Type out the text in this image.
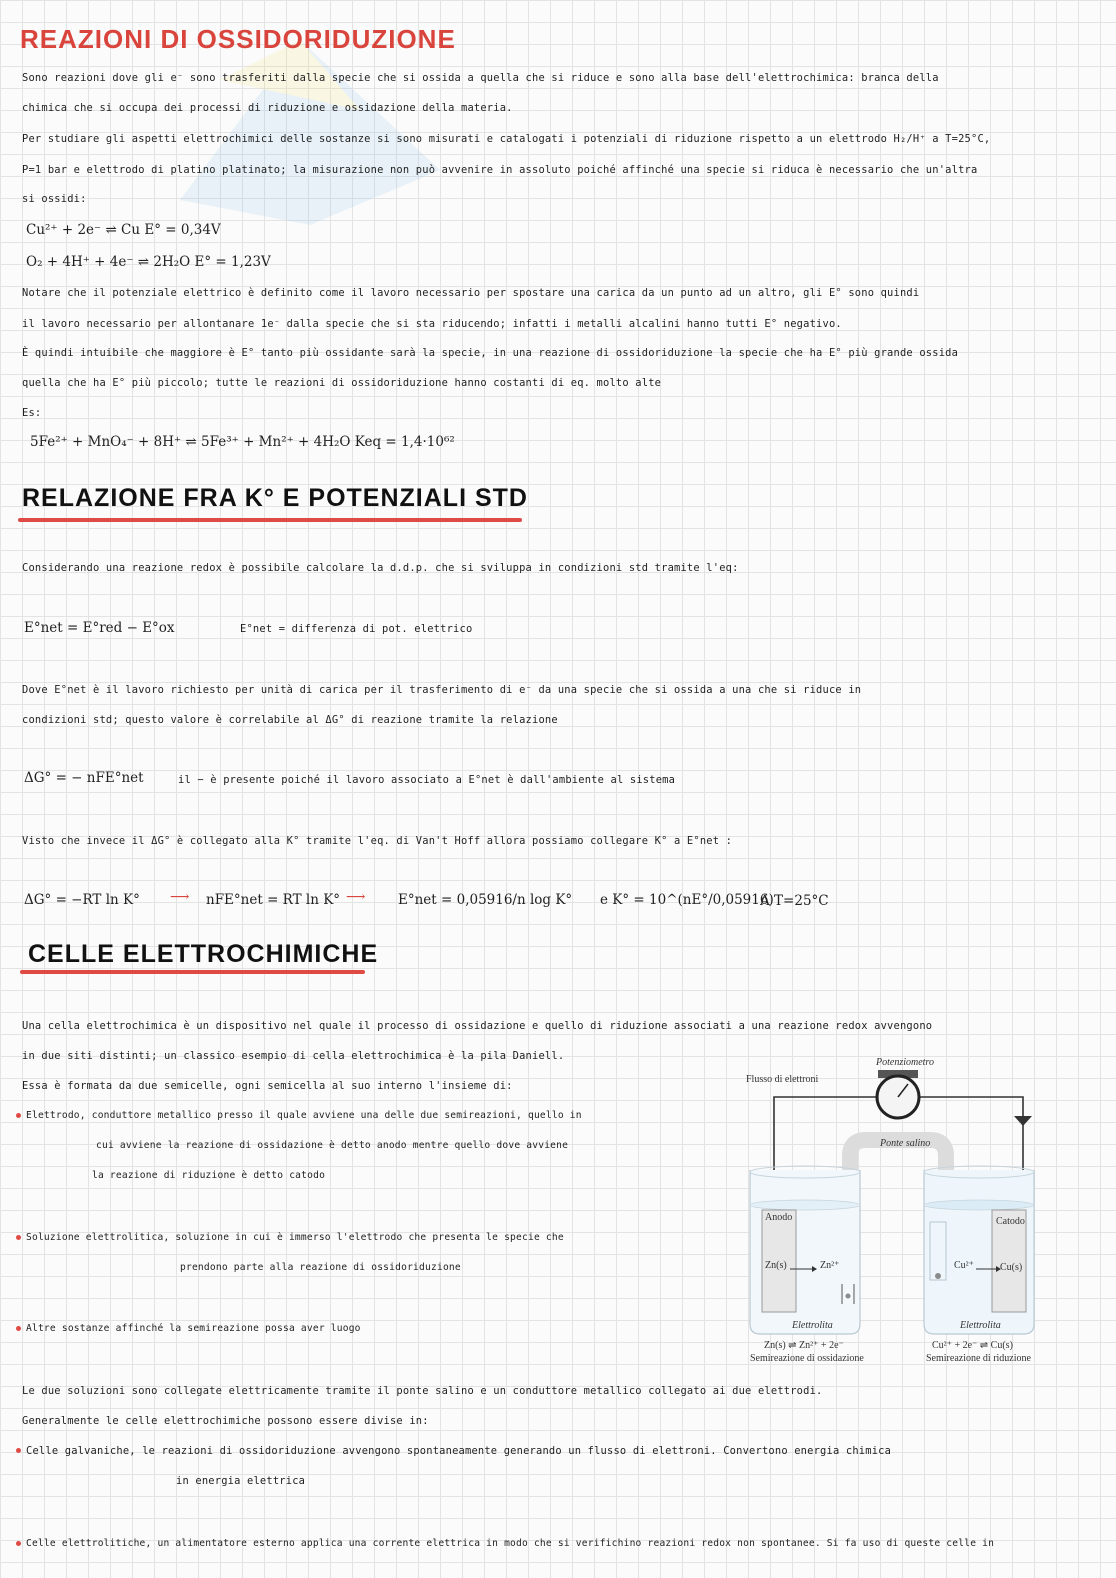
REAZIONI DI OSSIDORIDUZIONE
Sono reazioni dove gli e⁻ sono trasferiti dalla specie che si ossida a quella che si riduce e sono alla base dell'elettrochimica: branca della
chimica che si occupa dei processi di riduzione e ossidazione della materia.
Per studiare gli aspetti elettrochimici delle sostanze si sono misurati e catalogati i potenziali di riduzione rispetto a un elettrodo H₂/H⁺ a T=25°C,
P=1 bar e elettrodo di platino platinato; la misurazione non può avvenire in assoluto poiché affinché una specie si riduca è necessario che un'altra
si ossidi:
Cu²⁺ + 2e⁻ ⇌ Cu E° = 0,34V
O₂ + 4H⁺ + 4e⁻ ⇌ 2H₂O E° = 1,23V
Notare che il potenziale elettrico è definito come il lavoro necessario per spostare una carica da un punto ad un altro, gli E° sono quindi
il lavoro necessario per allontanare 1e⁻ dalla specie che si sta riducendo; infatti i metalli alcalini hanno tutti E° negativo.
È quindi intuibile che maggiore è E° tanto più ossidante sarà la specie, in una reazione di ossidoriduzione la specie che ha E° più grande ossida
quella che ha E° più piccolo; tutte le reazioni di ossidoriduzione hanno costanti di eq. molto alte
Es:
5Fe²⁺ + MnO₄⁻ + 8H⁺ ⇌ 5Fe³⁺ + Mn²⁺ + 4H₂O Keq = 1,4·10⁶²
RELAZIONE FRA K° E POTENZIALI STD
Considerando una reazione redox è possibile calcolare la d.d.p. che si sviluppa in condizioni std tramite l'eq:
E°net = E°red − E°ox	E°net = differenza di pot. elettrico
Dove E°net è il lavoro richiesto per unità di carica per il trasferimento di e⁻ da una specie che si ossida a una che si riduce in
condizioni std; questo valore è correlabile al ΔG° di reazione tramite la relazione
ΔG° = − nFE°net	il − è presente poiché il lavoro associato a E°net è dall'ambiente al sistema
Visto che invece il ΔG° è collegato alla K° tramite l'eq. di Van't Hoff allora possiamo collegare K° a E°net :
ΔG° = −RT ln K° ⟶ nFE°net = RT ln K° ⟶ E°net = 0,05916/n log K° e K° = 10^(nE°/0,05916)
A T=25°C
CELLE ELETTROCHIMICHE
Una cella elettrochimica è un dispositivo nel quale il processo di ossidazione e quello di riduzione associati a una reazione redox avvengono
in due siti distinti; un classico esempio di cella elettrochimica è la pila Daniell.
Essa è formata da due semicelle, ogni semicella al suo interno l'insieme di:
Elettrodo, conduttore metallico presso il quale avviene una delle due semireazioni, quello in
cui avviene la reazione di ossidazione è detto anodo mentre quello dove avviene
la reazione di riduzione è detto catodo
Soluzione elettrolitica, soluzione in cui è immerso l'elettrodo che presenta le specie che
prendono parte alla reazione di ossidoriduzione
Altre sostanze affinché la semireazione possa aver luogo
Le due soluzioni sono collegate elettricamente tramite il ponte salino e un conduttore metallico collegato ai due elettrodi.
Generalmente le celle elettrochimiche possono essere divise in:
Celle galvaniche, le reazioni di ossidoriduzione avvengono spontaneamente generando un flusso di elettroni. Convertono energia chimica
in energia elettrica
Celle elettrolitiche, un alimentatore esterno applica una corrente elettrica in modo che si verifichino reazioni redox non spontanee. Si fa uso di queste celle in
Flusso di elettroni
Potenziometro
Ponte salino
Anodo	Catodo
Zn(s)	Zn²⁺	Cu²⁺	Cu(s)
Elettrolita	Elettrolita
Zn(s) ⇌ Zn²⁺ + 2e⁻	Cu²⁺ + 2e⁻ ⇌ Cu(s)
Semireazione di ossidazione	Semireazione di riduzione
